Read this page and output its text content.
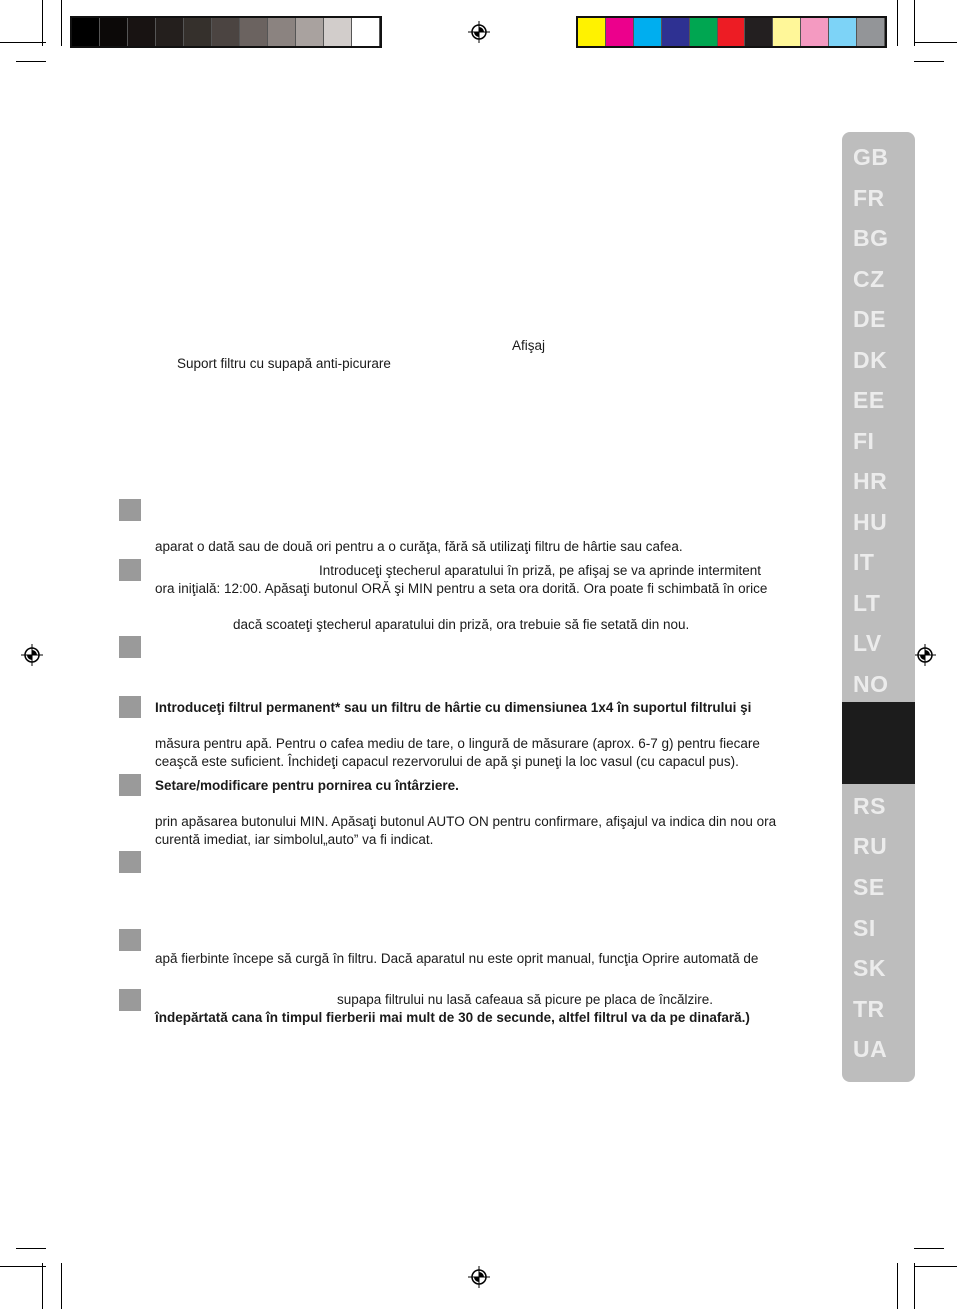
GB
FR
BG
CZ
DE
DK
EE
FI
HR
HU
IT
LT
LV
NO
RS
RU
SE
SI
SK
TR
UA
Afişaj
Suport filtru cu supapă anti-picurare
aparat o dată sau de două ori pentru a o curăţa, fără să utilizaţi filtru de hârtie sau cafea.
Introduceţi ştecherul aparatului în priză, pe afişaj se va aprinde intermitent
ora iniţială: 12:00. Apăsaţi butonul ORĂ şi MIN pentru a seta ora dorită. Ora poate fi schimbată în orice
dacă scoateţi ştecherul aparatului din priză, ora trebuie să fie setată din nou.
Introduceţi filtrul permanent* sau un filtru de hârtie cu dimensiunea 1x4 în suportul filtrului şi
măsura pentru apă. Pentru o cafea mediu de tare, o lingură de măsurare (aprox. 6-7 g) pentru fiecare
ceaşcă este suficient. Închideţi capacul rezervorului de apă şi puneţi la loc vasul (cu capacul pus).
Setare/modificare pentru pornirea cu întârziere.
prin apăsarea butonului MIN. Apăsaţi butonul AUTO ON pentru confirmare, afişajul va indica din nou ora
curentă imediat, iar simbolul„auto” va fi indicat.
apă fierbinte începe să curgă în filtru. Dacă aparatul nu este oprit manual, funcţia Oprire automată de
supapa filtrului nu lasă cafeaua să picure pe placa de încălzire.
îndepărtată cana în timpul fierberii mai mult de 30 de secunde, altfel filtrul va da pe dinafară.)
